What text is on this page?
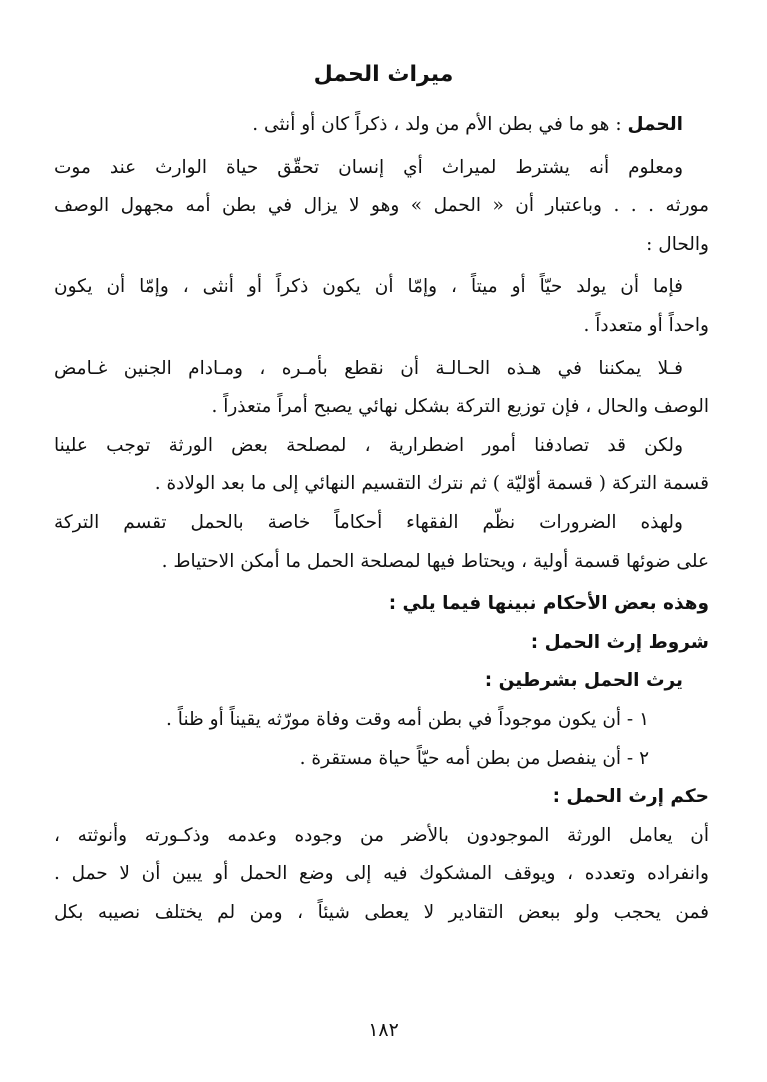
ميراث الحمل
الحمل : هو ما في بطن الأم من ولد ، ذكراً كان أو أنثى .
ومعلوم أنه يشترط لميراث أي إنسان تحقّق حياة الوارث عند موت
مورثه . . . وباعتبار أن « الحمل » وهو لا يزال في بطن أمه مجهول الوصف
والحال :
فإما أن يولد حيّاً أو ميتاً ، وإمّا أن يكون ذكراً أو أنثى ، وإمّا أن يكون
واحداً أو متعدداً .
فـلا يمكننا في هـذه الحـالـة أن نقطع بأمـره ، ومـادام الجنين غـامض
الوصف والحال ، فإن توزيع التركة بشكل نهائي يصبح أمراً متعذراً .
ولكن قد تصادفنا أمور اضطرارية ، لمصلحة بعض الورثة توجب علينا
قسمة التركة ( قسمة أوّليّة ) ثم نترك التقسيم النهائي إلى ما بعد الولادة .
ولهذه الضرورات نظّم الفقهاء أحكاماً خاصة بالحمل تقسم التركة
على ضوئها قسمة أولية ، ويحتاط فيها لمصلحة الحمل ما أمكن الاحتياط .
وهذه بعض الأحكام نبينها فيما يلي :
شروط إرث الحمل :
يرث الحمل بشرطين :
١ - أن يكون موجوداً في بطن أمه وقت وفاة مورّثه يقيناً أو ظناً .
٢ - أن ينفصل من بطن أمه حيّاً حياة مستقرة .
حكم إرث الحمل :
أن يعامل الورثة الموجودون بالأضر من وجوده وعدمه وذكـورته وأنوثته ،
وانفراده وتعدده ، ويوقف المشكوك فيه إلى وضع الحمل أو يبين أن لا حمل .
فمن يحجب ولو ببعض التقادير لا يعطى شيئاً ، ومن لم يختلف نصيبه بكل
١٨٢
